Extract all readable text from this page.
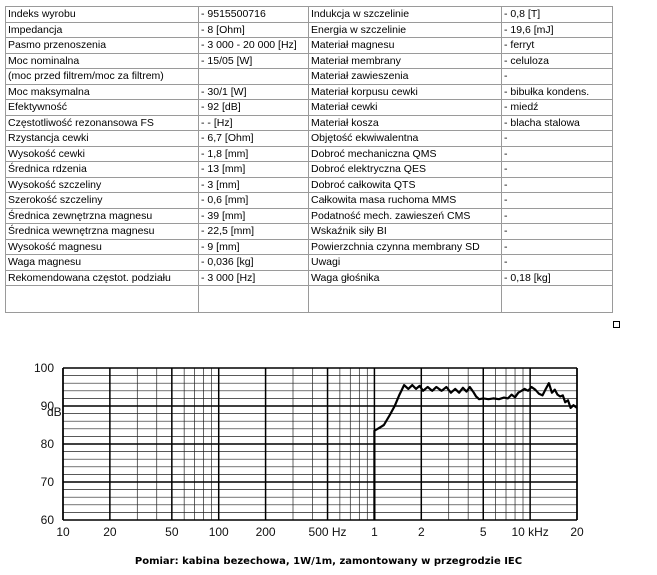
Indeks wyrobu	- 9515500716	Indukcja w szczelinie	- 0,8 [T]
Impedancja	- 8 [Ohm]	Energia w szczelinie	- 19,6 [mJ]
Pasmo przenoszenia	- 3 000 - 20 000 [Hz]	Materiał magnesu	- ferryt
Moc nominalna	- 15/05 [W]	Materiał membrany	- celuloza
(moc przed filtrem/moc za filtrem)		Materiał zawieszenia	-
Moc maksymalna	- 30/1 [W]	Materiał korpusu cewki	- bibułka kondens.
Efektywność	- 92 [dB]	Materiał cewki	- miedź
Częstotliwość rezonansowa FS	- - [Hz]	Materiał kosza	- blacha stalowa
Rzystancja cewki	- 6,7 [Ohm]	Objętość ekwiwalentna	-
Wysokość cewki	- 1,8 [mm]	Dobroć mechaniczna QMS	-
Średnica rdzenia	- 13 [mm]	Dobroć elektryczna QES	-
Wysokość szczeliny	- 3 [mm]	Dobroć całkowita QTS	-
Szerokość szczeliny	- 0,6 [mm]	Całkowita masa ruchoma MMS	-
Średnica zewnętrzna magnesu	- 39 [mm]	Podatność mech. zawieszeń CMS	-
Średnica wewnętrzna magnesu	- 22,5 [mm]	Wskaźnik siły BI	-
Wysokość magnesu	- 9 [mm]	Powierzchnia czynna membrany SD	-
Waga magnesu	- 0,036 [kg]	Uwagi	-
Rekomendowana częstot. podziału	- 3 000 [Hz]	Waga głośnika	- 0,18 [kg]

100
90
80
70
60
10	20	50	100 200	500 Hz 1	2	5 10 kHz 20
dB
Pomiar: kabina bezechowa, 1W/1m, zamontowany w przegrodzie IEC
